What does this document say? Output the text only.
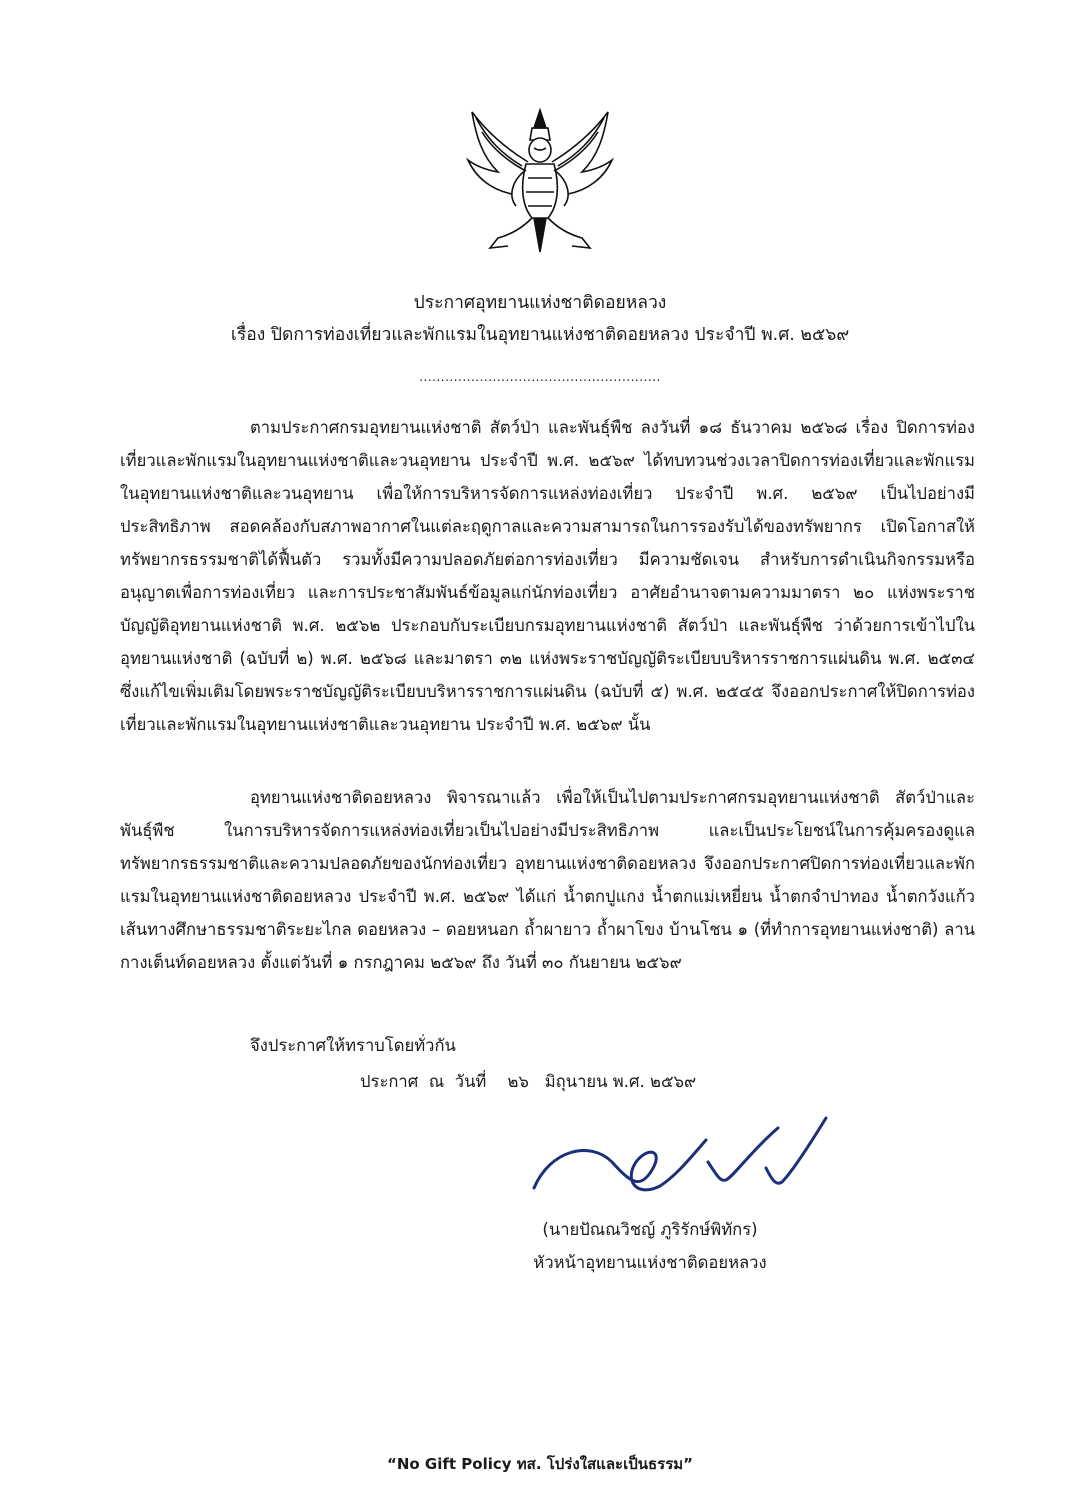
ประกาศอุทยานแห่งชาติดอยหลวง
เรื่อง ปิดการท่องเที่ยวและพักแรมในอุทยานแห่งชาติดอยหลวง ประจำปี พ.ศ. ๒๕๖๙
........................................................
ตามประกาศกรมอุทยานแห่งชาติ สัตว์ป่า และพันธุ์พืช ลงวันที่ ๑๘ ธันวาคม ๒๕๖๘ เรื่อง ปิดการท่องเที่ยวและพักแรมในอุทยานแห่งชาติและวนอุทยาน ประจำปี พ.ศ. ๒๕๖๙ ได้ทบทวนช่วงเวลาปิดการท่องเที่ยวและพักแรมในอุทยานแห่งชาติและวนอุทยาน เพื่อให้การบริหารจัดการแหล่งท่องเที่ยว ประจำปี พ.ศ. ๒๕๖๙ เป็นไปอย่างมีประสิทธิภาพ สอดคล้องกับสภาพอากาศในแต่ละฤดูกาลและความสามารถในการรองรับได้ของทรัพยากร เปิดโอกาสให้ทรัพยากรธรรมชาติได้ฟื้นตัว รวมทั้งมีความปลอดภัยต่อการท่องเที่ยว มีความชัดเจน สำหรับการดำเนินกิจกรรมหรืออนุญาตเพื่อการท่องเที่ยว และการประชาสัมพันธ์ข้อมูลแก่นักท่องเที่ยว อาศัยอำนาจตามความมาตรา ๒๐ แห่งพระราชบัญญัติอุทยานแห่งชาติ พ.ศ. ๒๕๖๒ ประกอบกับระเบียบกรมอุทยานแห่งชาติ สัตว์ป่า และพันธุ์พืช ว่าด้วยการเข้าไปในอุทยานแห่งชาติ (ฉบับที่ ๒) พ.ศ. ๒๕๖๘ และมาตรา ๓๒ แห่งพระราชบัญญัติระเบียบบริหารราชการแผ่นดิน พ.ศ. ๒๕๓๔ ซึ่งแก้ไขเพิ่มเติมโดยพระราชบัญญัติระเบียบบริหารราชการแผ่นดิน (ฉบับที่ ๕) พ.ศ. ๒๕๔๕ จึงออกประกาศให้ปิดการท่องเที่ยวและพักแรมในอุทยานแห่งชาติและวนอุทยาน ประจำปี พ.ศ. ๒๕๖๙ นั้น
อุทยานแห่งชาติดอยหลวง พิจารณาแล้ว เพื่อให้เป็นไปตามประกาศกรมอุทยานแห่งชาติ สัตว์ป่าและพันธุ์พืช ในการบริหารจัดการแหล่งท่องเที่ยวเป็นไปอย่างมีประสิทธิภาพ และเป็นประโยชน์ในการคุ้มครองดูแลทรัพยากรธรรมชาติและความปลอดภัยของนักท่องเที่ยว อุทยานแห่งชาติดอยหลวง จึงออกประกาศปิดการท่องเที่ยวและพักแรมในอุทยานแห่งชาติดอยหลวง ประจำปี พ.ศ. ๒๕๖๙ ได้แก่ น้ำตกปูแกง น้ำตกแม่เหยี่ยน น้ำตกจำปาทอง น้ำตกวังแก้ว เส้นทางศึกษาธรรมชาติระยะไกล ดอยหลวง – ดอยหนอก ถ้ำผายาว ถ้ำผาโขง บ้านโชน ๑ (ที่ทำการอุทยานแห่งชาติ) ลานกางเต็นท์ดอยหลวง ตั้งแต่วันที่ ๑ กรกฎาคม ๒๕๖๙ ถึง วันที่ ๓๐ กันยายน ๒๕๖๙
จึงประกาศให้ทราบโดยทั่วกัน
ประกาศ  ณ  วันที่    ๒๖   มิถุนายน พ.ศ. ๒๕๖๙
(นายปัณณวิชญ์ ภูริรักษ์พิทักร)
หัวหน้าอุทยานแห่งชาติดอยหลวง
“No Gift Policy ทส. โปร่งใสและเป็นธรรม”
